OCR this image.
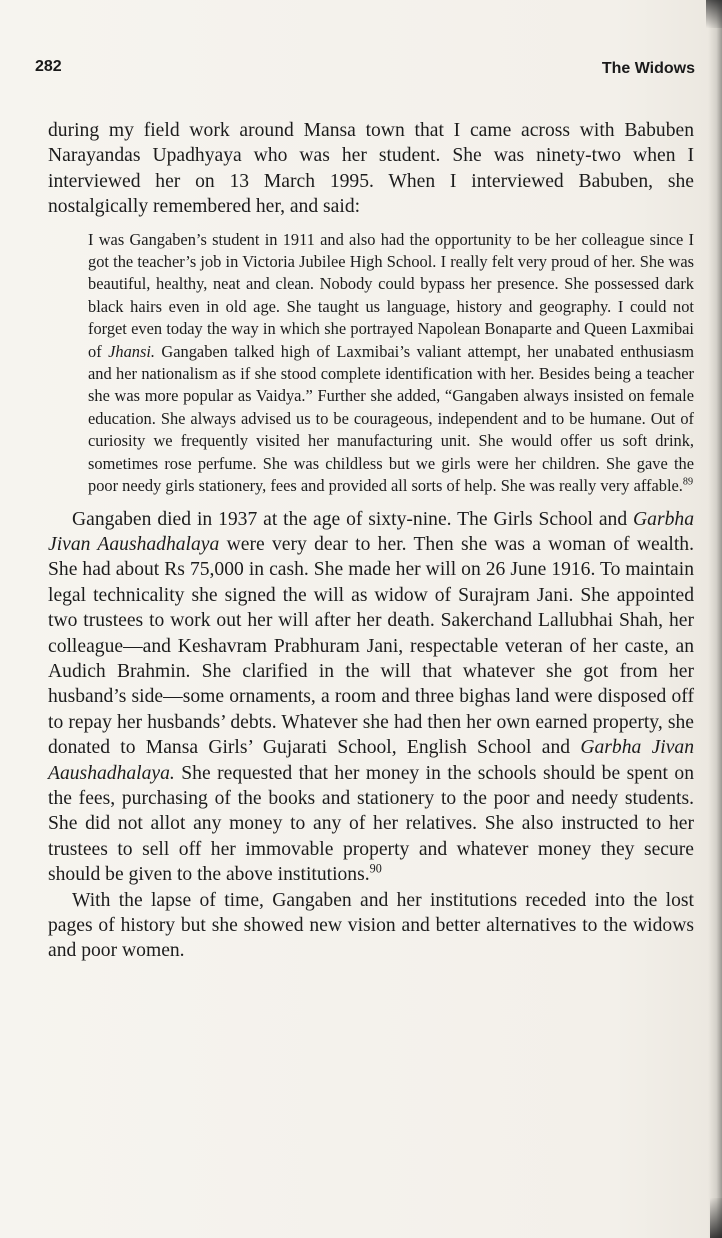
282	The Widows

during my field work around Mansa town that I came across with Babuben Narayandas Upadhyaya who was her student. She was ninety-two when I interviewed her on 13 March 1995. When I interviewed Babuben, she nostalgically remembered her, and said:

I was Gangaben’s student in 1911 and also had the opportunity to be her colleague since I got the teacher’s job in Victoria Jubilee High School. I really felt very proud of her. She was beautiful, healthy, neat and clean. Nobody could bypass her presence. She possessed dark black hairs even in old age. She taught us language, history and geography. I could not forget even today the way in which she portrayed Napolean Bonaparte and Queen Laxmibai of Jhansi. Gangaben talked high of Laxmibai’s valiant attempt, her unabated enthusiasm and her nationalism as if she stood complete identification with her. Besides being a teacher she was more popular as Vaidya.” Further she added, “Gangaben always insisted on female education. She always advised us to be courageous, independent and to be humane. Out of curiosity we frequently visited her manufacturing unit. She would offer us soft drink, sometimes rose perfume. She was childless but we girls were her children. She gave the poor needy girls stationery, fees and provided all sorts of help. She was really very affable.$^{89}$

Gangaben died in 1937 at the age of sixty-nine. The Girls School and Garbha Jivan Aaushadhalaya were very dear to her. Then she was a woman of wealth. She had about Rs 75,000 in cash. She made her will on 26 June 1916. To maintain legal technicality she signed the will as widow of Surajram Jani. She appointed two trustees to work out her will after her death. Sakerchand Lallubhai Shah, her colleague—and Keshavram Prabhuram Jani, respectable veteran of her caste, an Audich Brahmin. She clarified in the will that whatever she got from her husband’s side—some ornaments, a room and three bighas land were disposed off to repay her husbands’ debts. Whatever she had then her own earned property, she donated to Mansa Girls’ Gujarati School, English School and Garbha Jivan Aaushadhalaya. She requested that her money in the schools should be spent on the fees, purchasing of the books and stationery to the poor and needy students. She did not allot any money to any of her relatives. She also instructed to her trustees to sell off her immovable property and whatever money they secure should be given to the above institutions.$^{90}$

With the lapse of time, Gangaben and her institutions receded into the lost pages of history but she showed new vision and better alternatives to the widows and poor women.
